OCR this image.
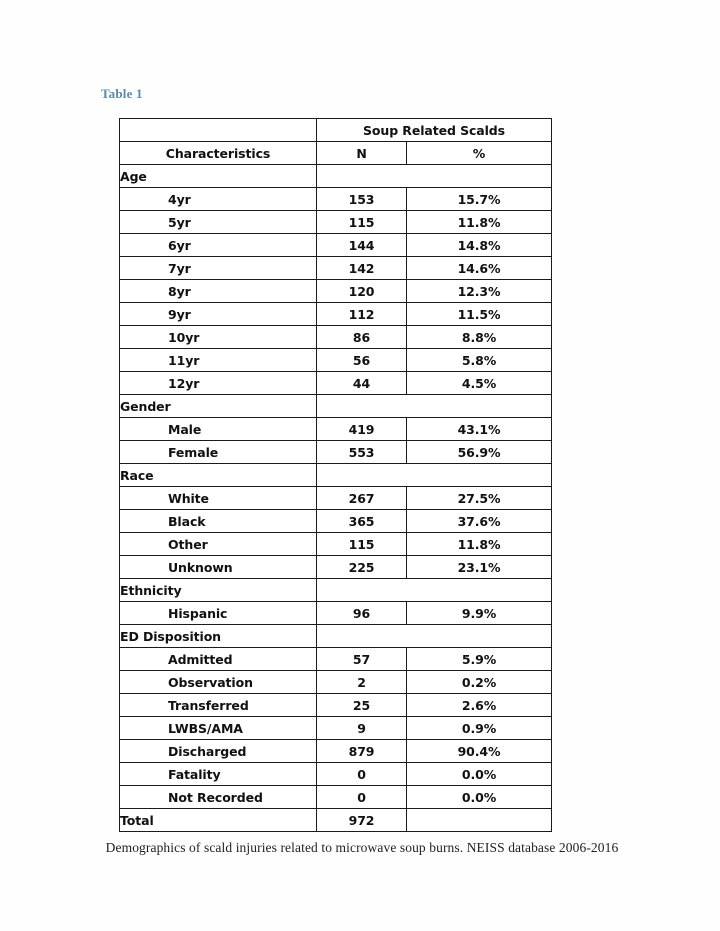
Table 1
	Soup Related Scalds	
Characteristics	N	%
Age		
4yr	153	15.7%
5yr	115	11.8%
6yr	144	14.8%
7yr	142	14.6%
8yr	120	12.3%
9yr	112	11.5%
10yr	86	8.8%
11yr	56	5.8%
12yr	44	4.5%
Gender		
Male	419	43.1%
Female	553	56.9%
Race		
White	267	27.5%
Black	365	37.6%
Other	115	11.8%
Unknown	225	23.1%
Ethnicity		
Hispanic	96	9.9%
ED Disposition		
Admitted	57	5.9%
Observation	2	0.2%
Transferred	25	2.6%
LWBS/AMA	9	0.9%
Discharged	879	90.4%
Fatality	0	0.0%
Not Recorded	0	0.0%
Total	972	
Demographics of scald injuries related to microwave soup burns. NEISS database 2006-2016
